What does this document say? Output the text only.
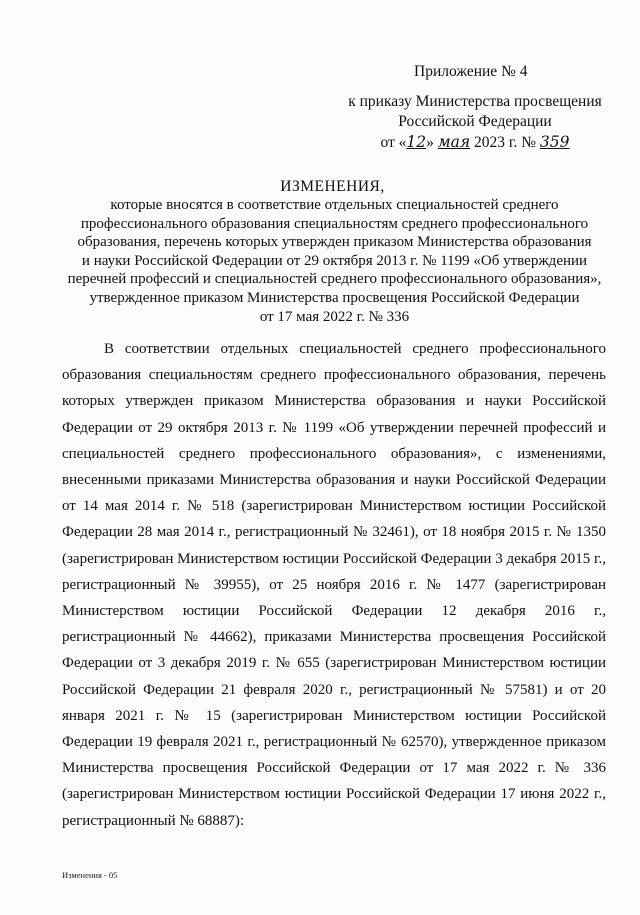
Приложение № 4
к приказу Министерства просвещения
Российской Федерации
от «12» мая 2023 г. № 359
ИЗМЕНЕНИЯ,
которые вносятся в соответствие отдельных специальностей среднего
профессионального образования специальностям среднего профессионального
образования, перечень которых утвержден приказом Министерства образования
и науки Российской Федерации от 29 октября 2013 г. № 1199 «Об утверждении
перечней профессий и специальностей среднего профессионального образования»,
утвержденное приказом Министерства просвещения Российской Федерации
от 17 мая 2022 г. № 336

В соответствии отдельных специальностей среднего профессионального образования специальностям среднего профессионального образования, перечень которых утвержден приказом Министерства образования и науки Российской Федерации от 29 октября 2013 г. № 1199 «Об утверждении перечней профессий и специальностей среднего профессионального образования», с изменениями, внесенными приказами Министерства образования и науки Российской Федерации от 14 мая 2014 г. № 518 (зарегистрирован Министерством юстиции Российской Федерации 28 мая 2014 г., регистрационный № 32461), от 18 ноября 2015 г. № 1350 (зарегистрирован Министерством юстиции Российской Федерации 3 декабря 2015 г., регистрационный № 39955), от 25 ноября 2016 г. № 1477 (зарегистрирован Министерством юстиции Российской Федерации 12 декабря 2016 г., регистрационный № 44662), приказами Министерства просвещения Российской Федерации от 3 декабря 2019 г. № 655 (зарегистрирован Министерством юстиции Российской Федерации 21 февраля 2020 г., регистрационный № 57581) и от 20 января 2021 г. № 15 (зарегистрирован Министерством юстиции Российской Федерации 19 февраля 2021 г., регистрационный № 62570), утвержденное приказом Министерства просвещения Российской Федерации от 17 мая 2022 г. № 336 (зарегистрирован Министерством юстиции Российской Федерации 17 июня 2022 г., регистрационный № 68887):

Изменения - 05
